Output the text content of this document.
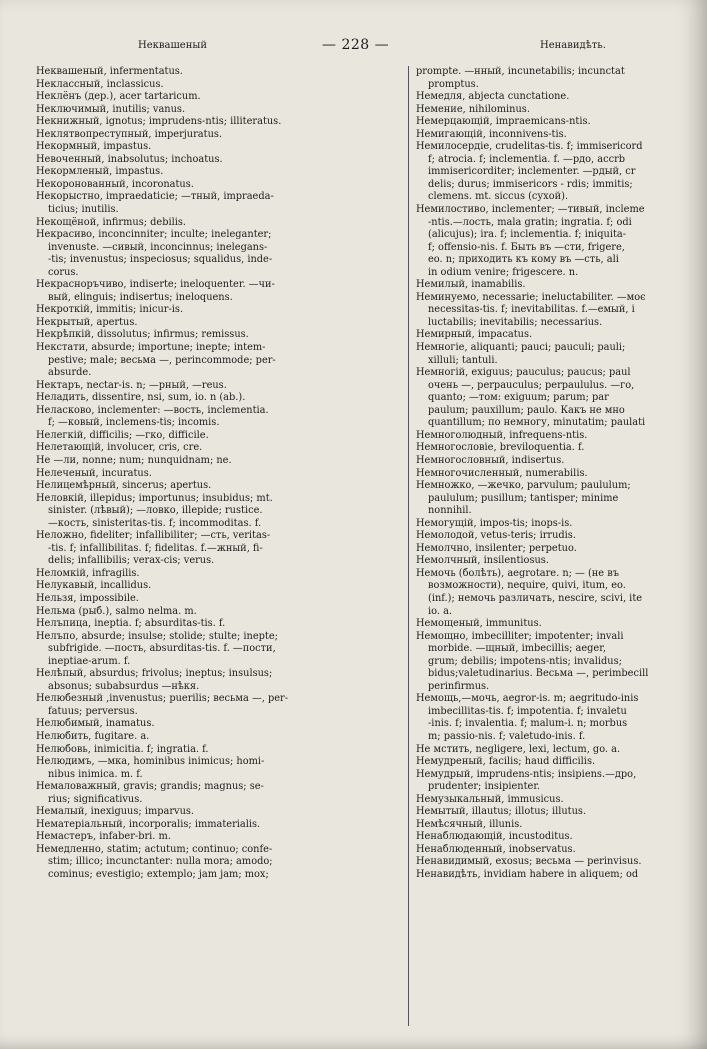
Неквашеный	— 228 —	Ненавидѣть.
Неквашеный, infermentatus.
Неклассный, inclassicus.
Неклёнъ (дер.), acer tartaricum.
Неключимый, inutilis; vanus.
Некнижный, ignotus; imprudens-ntis; illiteratus.
Неклятвопреступный, imperjuratus.
Некормный, impastus.
Невоченный, inabsolutus; inchoatus.
Некормленый, impastus.
Некоронованный, incoronatus.
Некорыстно, impraedaticie; —тный, impraeda-
ticius; inutilis.
Некощёной, infirmus; debilis.
Некрасиво, inconcinniter; inculte; ineleganter;
invenuste. —сивый, inconcinnus; inelegans-
-tis; invenustus; inspeciosus; squalidus, inde-
corus.
Некрасноръчиво, indiserte; ineloquenter. —чи-
вый, elinguis; indisertus; ineloquens.
Некроткій, immitis; inicur-is.
Некрытый, apertus.
Некрѣпкій, dissolutus; infirmus; remissus.
Некстати, absurde; importune; inepte; intem-
pestive; male; весьма —, perincommode; per-
absurde.
Нектаръ, nectar-is. n; —рный, —reus.
Неладить, dissentire, nsi, sum, io. n (ab.).
Неласково, inclementer: —вость, inclementia.
f; —ковый, inclemens-tis; incomis.
Нелегкій, difficilis; —гко, difficile.
Нелетающій, involucer, cris, cre.
Не —ли, nonne; num; nunquidnam; ne.
Нелеченый, incuratus.
Нелицемѣрный, sincerus; apertus.
Неловкій, illepidus; importunus; insubidus; mt.
sinister. (лѣвый); —ловко, illepide; rustice.
—кость, sinisteritas-tis. f; incommoditas. f.
Неложно, fideliter; infallibiliter; —сть, veritas-
-tis. f; infallibilitas. f; fidelitas. f.—жный, fi-
delis; infallibilis; verax-cis; verus.
Неломкій, infragilis.
Нелукавый, incallidus.
Нельзя, impossibile.
Нельма (рыб.), salmo nelma. m.
Нелъпица, ineptia. f; absurditas-tis. f.
Нелъпо, absurde; insulse; stolide; stulte; inepte;
subfrigide. —пость, absurditas-tis. f. —пости,
ineptiae-arum. f.
Нелѣпый, absurdus; frivolus; ineptus; insulsus;
absonus; subabsurdus —нѣкя.
Нелюбезный ,invenustus; puerilis; весьма —, per-
fatuus; perversus.
Нелюбимый, inamatus.
Нелюбить, fugitare. a.
Нелюбовь, inimicitia. f; ingratia. f.
Нелюдимъ, —мка, hominibus inimicus; homi-
nibus inimica. m. f.
Немаловажный, gravis; grandis; magnus; se-
rius; significativus.
Немалый, inexiguus; imparvus.
Нематеріальный, incorporalis; immaterialis.
Немастеръ, infaber-bri. m.
Немедленно, statim; actutum; continuo; confe-
stim; illico; incunctanter: nulla mora; amodo;
cominus; evestigio; extemplo; jam jam; mox;
prompte. —нный, incunetabilis; incunctat
promptus.
Немедля, abjecta cunctatione.
Немение, nihilominus.
Немерцающій, impraemicans-ntis.
Немигающій, inconnivens-tis.
Немилосердіе, crudelitas-tis. f; immisericord
f; atrocia. f; inclementia. f. —рдо, accrb
immisericorditer; inclementer. —рдый, cr
delis; durus; immisericors - rdis; immitis;
clemens. mt. siccus (сухой).
Немилостиво, inclementer; —тивый, incleme
-ntis.—лость, mala gratin; ingratia. f; odi
(alicujus); ira. f; inclementia. f; iniquita-
f; offensio-nis. f. Быть въ —сти, frigere,
eo. n; приходить къ кому въ —сть, ali
in odium venire; frigescere. n.
Немилый, inamabilis.
Неминуемо, necessarie; ineluctabiliter. —моє
necessitas-tis. f; inevitabilitas. f.—емый, i
luctabilis; inevitabilis; necessarius.
Немирный, impacatus.
Немногіе, aliquanti; pauci; pauculi; pauli;
xilluli; tantuli.
Немногій, exiguus; pauculus; paucus; paul
очень —, perpauculus; perpaululus. —го,
quanto; —том: exiguum; parum; par
paulum; pauxillum; paulo. Какъ не мно
quantillum; по немногу, minutatim; paulati
Немноголюдный, infrequens-ntis.
Немногословіе, breviloquentia. f.
Немногословный, indisertus.
Немногочисленный, numerabilis.
Немножко, —жечко, parvulum; paululum;
paululum; pusillum; tantisper; minime
nonnihil.
Немогущій, impos-tis; inops-is.
Немолодой, vetus-teris; irrudis.
Немолчно, insilenter; perpetuo.
Немолчный, insilentiosus.
Немочь (болѣть), aegrotare. n; — (не въ
возможности), nequire, quivi, itum, eo.
(inf.); немочь различать, nescire, scivi, ite
io. a.
Немощеный, immunitus.
Немощно, imbecilliter; impotenter; invali
morbide. —щный, imbecillis; aeger,
grum; debilis; impotens-ntis; invalidus;
bidus;valetudinarius. Весьма —, perimbecill
perinfirmus.
Немощь,—мочь, aegror-is. m; aegritudo-inis
imbecillitas-tis. f; impotentia. f; invaletu
-inis. f; invalentia. f; malum-i. n; morbus
m; passio-nis. f; valetudo-inis. f.
Не мстить, negligere, lexi, lectum, go. a.
Немудреный, facilis; haud difficilis.
Немудрый, imprudens-ntis; insipiens.—дро,
prudenter; insipienter.
Немузыкальный, immusicus.
Немытый, illautus; illotus; illutus.
Немѣсячный, illunis.
Ненаблюдающій, incustoditus.
Ненаблюденный, inobservatus.
Ненавидимый, exosus; весьма — perinvisus.
Ненавидѣть, invidiam habere in aliquem; od
